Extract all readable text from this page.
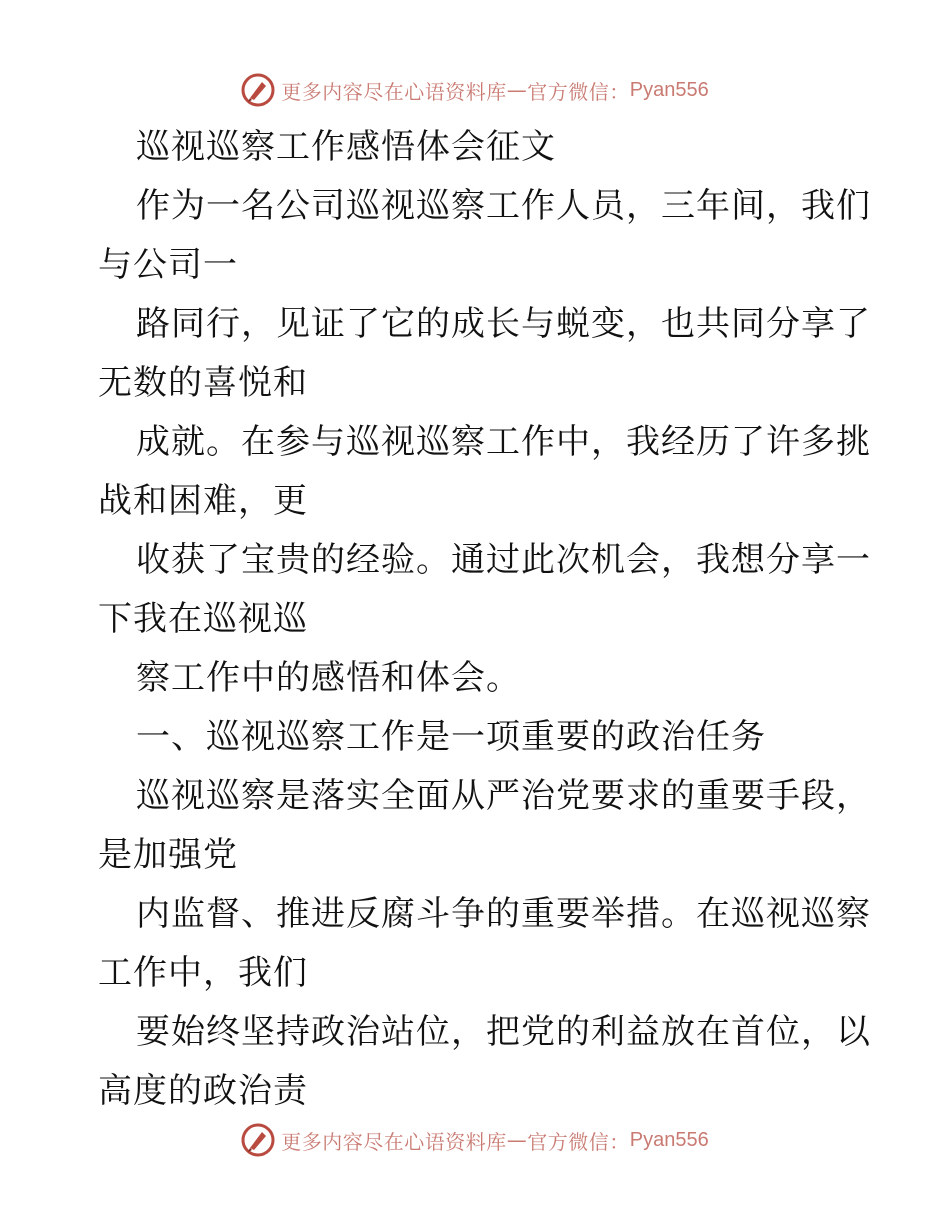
更多内容尽在心语资料库 — 官方微信： Pyan556
巡视巡察工作感悟体会征文
作为一名公司巡视巡察工作人员，三年间，我们
与公司一
路同行，见证了它的成长与蜕变，也共同分享了
无数的喜悦和
成就。在参与巡视巡察工作中，我经历了许多挑
战和困难，更
收获了宝贵的经验。通过此次机会，我想分享一
下我在巡视巡
察工作中的感悟和体会。
一、巡视巡察工作是一项重要的政治任务
巡视巡察是落实全面从严治党要求的重要手段，
是加强党
内监督、推进反腐斗争的重要举措。在巡视巡察
工作中，我们
要始终坚持政治站位，把党的利益放在首位，以
高度的政治责
更多内容尽在心语资料库 — 官方微信： Pyan556
